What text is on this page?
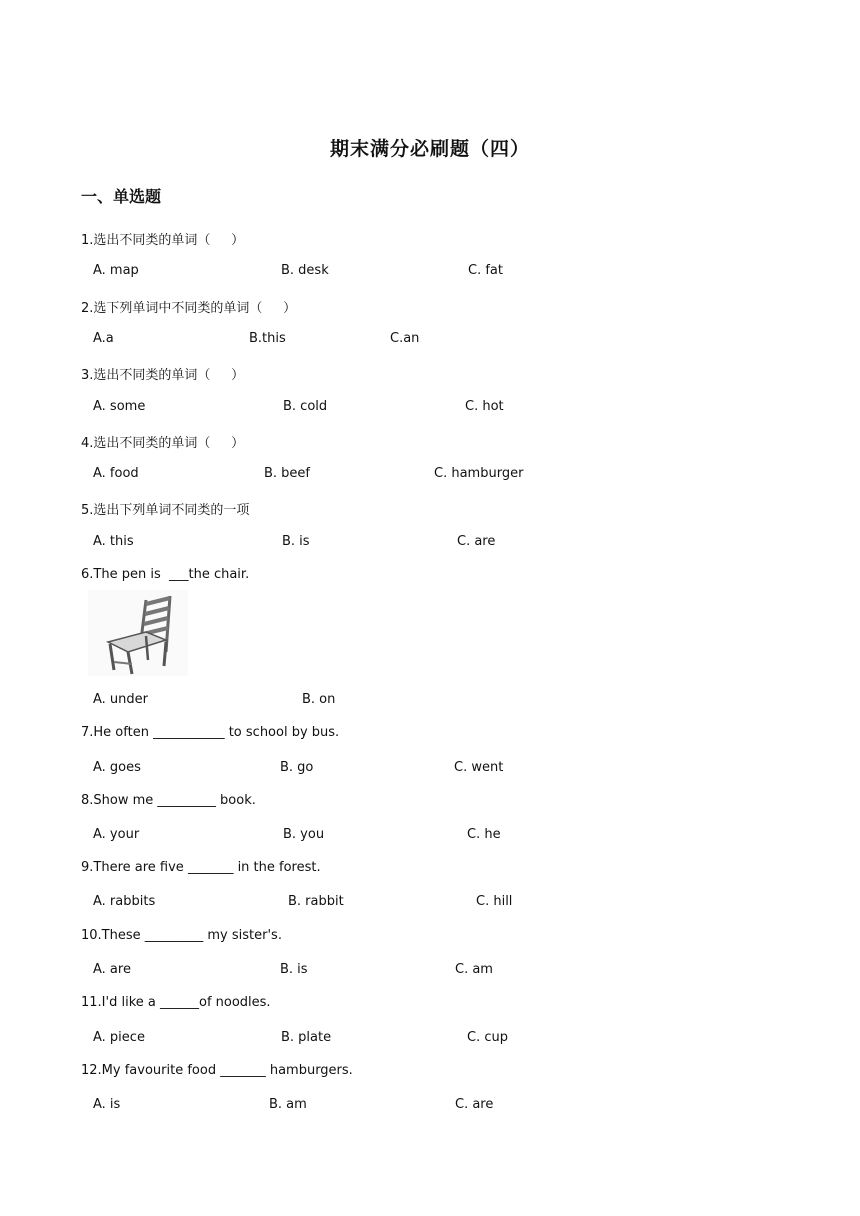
期末满分必刷题（四）
一、单选题
1.选出不同类的单词（     ）
A. map	B. desk	C. fat
2.选下列单词中不同类的单词（     ）
A.a	B.this	C.an
3.选出不同类的单词（     ）
A. some	B. cold	C. hot
4.选出不同类的单词（     ）
A. food	B. beef	C. hamburger
5.选出下列单词不同类的一项
A. this	B. is	C. are
6.The pen is  ___the chair.
A. under	B. on
7.He often ___________ to school by bus.
A. goes	B. go	C. went
8.Show me _________ book.
A. your	B. you	C. he
9.There are five _______ in the forest.
A. rabbits	B. rabbit	C. hill
10.These _________ my sister's.
A. are	B. is	C. am
11.I'd like a ______of noodles.
A. piece	B. plate	C. cup
12.My favourite food _______ hamburgers.
A. is	B. am	C. are
